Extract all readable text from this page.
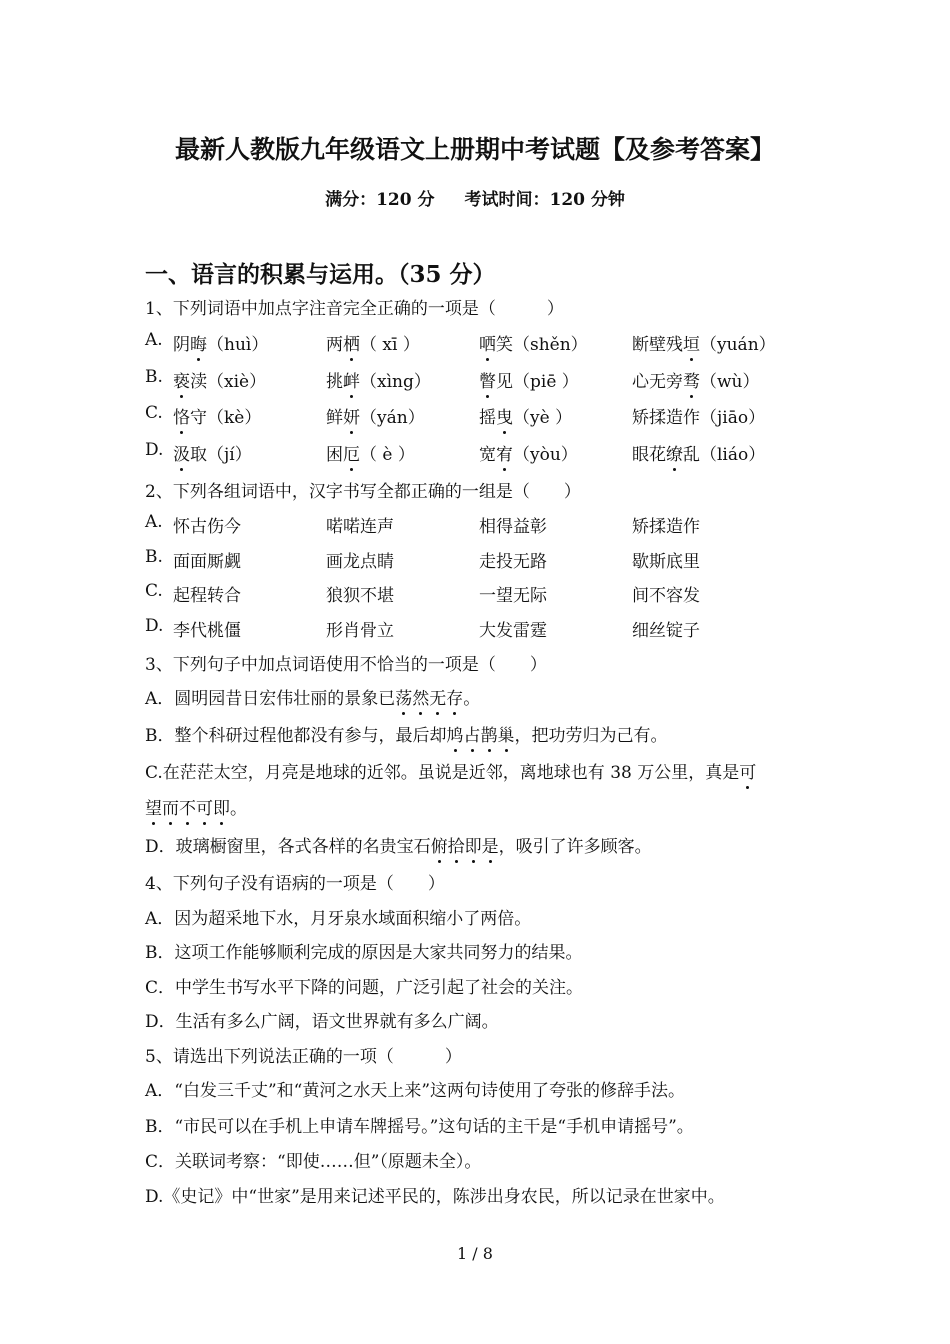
最新人教版九年级语文上册期中考试题【及参考答案】
满分：120 分 考试时间：120 分钟
一、语言的积累与运用。（35 分）
1、下列词语中加点字注音完全正确的一项是（　　　）
A. 阴晦（huì）	两栖（ xī ）	哂笑（shěn）	断壁残垣（yuán）
B. 亵渎（xiè）	挑衅（xìng）	瞥见（piē ）	心无旁骛（wù）
C. 恪守（kè）	鲜妍（yán）	摇曳（yè ）	矫揉造作（jiāo）
D. 汲取（jí）	困厄（ è ）	宽宥（yòu）	眼花缭乱（liáo）
2、下列各组词语中，汉字书写全都正确的一组是（　　）
A. 怀古伤今	喏喏连声	相得益彰	矫揉造作
B. 面面厮觑	画龙点睛	走投无路	歇斯底里
C. 起程转合	狼狈不堪	一望无际	间不容发
D. 李代桃僵	形肖骨立	大发雷霆	细丝锭子
3、下列句子中加点词语使用不恰当的一项是（　　）
A．圆明园昔日宏伟壮丽的景象已荡然无存。
B．整个科研过程他都没有参与，最后却鸠占鹊巢，把功劳归为己有。
C.在茫茫太空，月亮是地球的近邻。虽说是近邻，离地球也有 38 万公里，真是可
望而不可即。
D．玻璃橱窗里，各式各样的名贵宝石俯拾即是，吸引了许多顾客。
4、下列句子没有语病的一项是（　　）
A．因为超采地下水，月牙泉水域面积缩小了两倍。
B．这项工作能够顺利完成的原因是大家共同努力的结果。
C．中学生书写水平下降的问题，广泛引起了社会的关注。
D．生活有多么广阔，语文世界就有多么广阔。
5、请选出下列说法正确的一项（　　　）
A．“白发三千丈”和“黄河之水天上来”这两句诗使用了夸张的修辞手法。
B．“市民可以在手机上申请车牌摇号。”这句话的主干是“手机申请摇号”。
C．关联词考察：“即使……但”（原题未全）。
D.《史记》中“世家”是用来记述平民的，陈涉出身农民，所以记录在世家中。
1 / 8
